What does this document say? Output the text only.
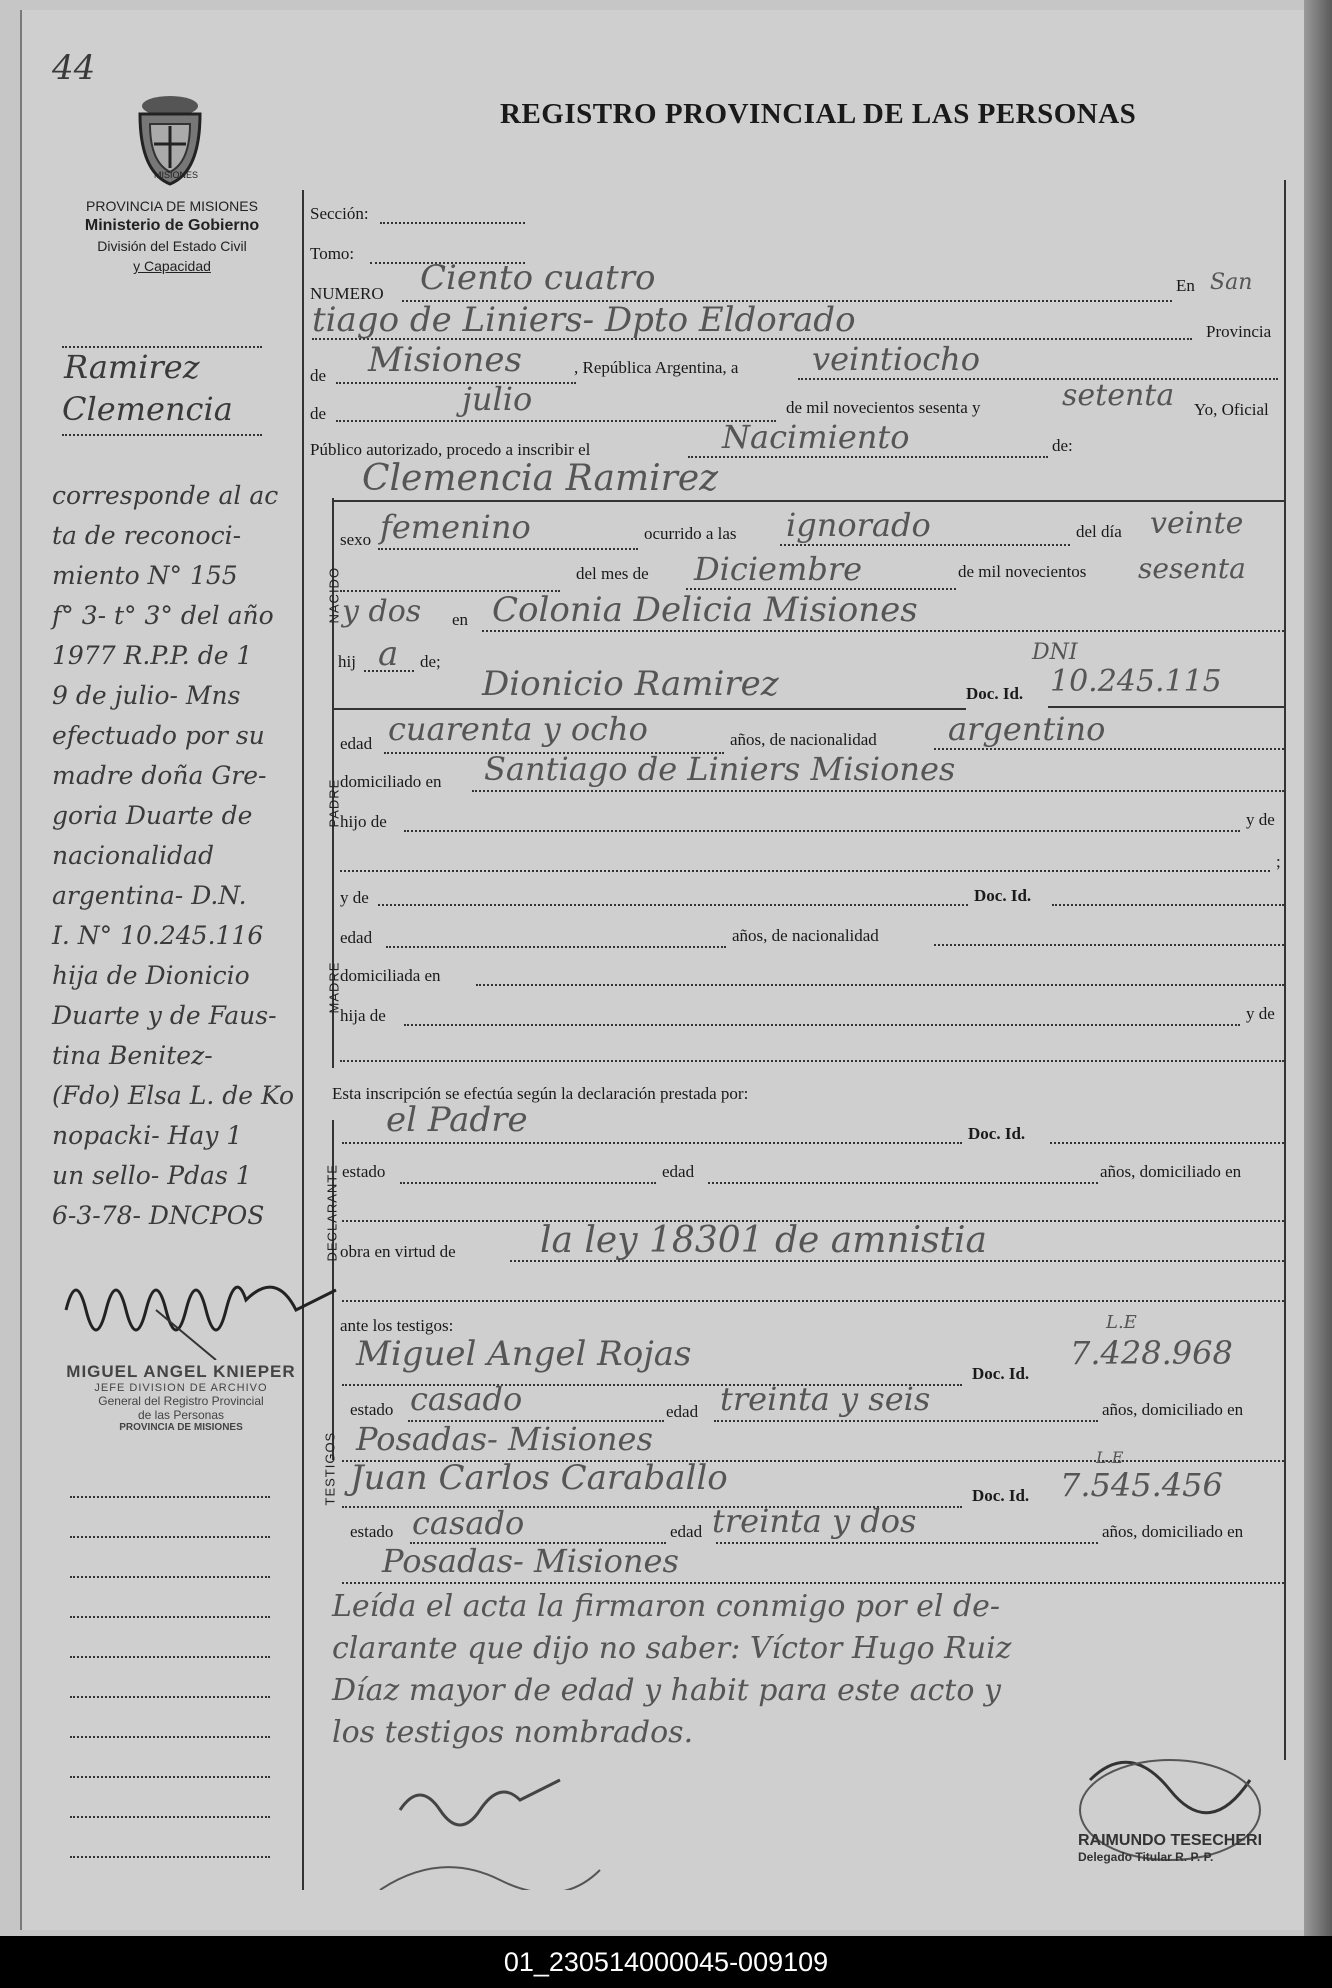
44
MISIONES
PROVINCIA DE MISIONES
Ministerio de Gobierno
División del Estado Civil
y Capacidad
REGISTRO PROVINCIAL DE LAS PERSONAS
Sección:
Tomo:
NUMERO Ciento cuatro	En San
tiago de Liniers- Dpto Eldorado	Provincia
de Misiones	, República Argentina, a veintiocho
de	julio	de mil novecientos sesenta y	setenta Yo, Oficial
Público autorizado, procedo a inscribir el	Nacimiento	de:
Clemencia Ramirez
NACIDO
sexo femenino	ocurrido a las ignorado	del día veinte
del mes de Diciembre	de mil novecientos sesenta
y dos en Colonia Delicia Misiones
hij a de;
Dionicio Ramirez	Doc. Id.
DNI
10.245.115
PADRE
edad cuarenta y ocho	años, de nacionalidad argentino
domiciliado en Santiago de Liniers Misiones
hijo de	y de
;
y de	Doc. Id.
MADRE
edad	años, de nacionalidad
domiciliada en
hija de	y de
Esta inscripción se efectúa según la declaración prestada por:
el Padre	Doc. Id.
DECLARANTE estado	edad	años, domiciliado en
obra en virtud de la ley 18301 de amnistia
ante los testigos:
Miguel Angel Rojas	Doc. Id.
L.E
7.428.968
TESTIGOS
estado casado	edad treinta y seis	años, domiciliado en
Posadas- Misiones
Juan Carlos Caraballo	Doc. Id.
L.E
7.545.456
estado casado	edad treinta y dos	años, domiciliado en
Posadas- Misiones
Leída el acta la firmaron conmigo por el de-
clarante que dijo no saber: Víctor Hugo Ruiz
Díaz mayor de edad y habit para este acto y
los testigos nombrados.
RAIMUNDO TESECHERI
Delegado Titular R. P. P.
Ramirez
Clemencia
corresponde al ac
ta de reconoci-
miento N° 155
f° 3- t° 3° del año
1977 R.P.P. de 1
9 de julio- Mns
efectuado por su
madre doña Gre-
goria Duarte de
nacionalidad
argentina- D.N.
I. N° 10.245.116
hija de Dionicio
Duarte y de Faus-
tina Benitez-
(Fdo) Elsa L. de Ko
nopacki- Hay 1
un sello- Pdas 1
6-3-78- DNCPOS
MIGUEL ANGEL KNIEPER
JEFE DIVISION DE ARCHIVO
General del Registro Provincial
de las Personas
PROVINCIA DE MISIONES
01_230514000045-009109
